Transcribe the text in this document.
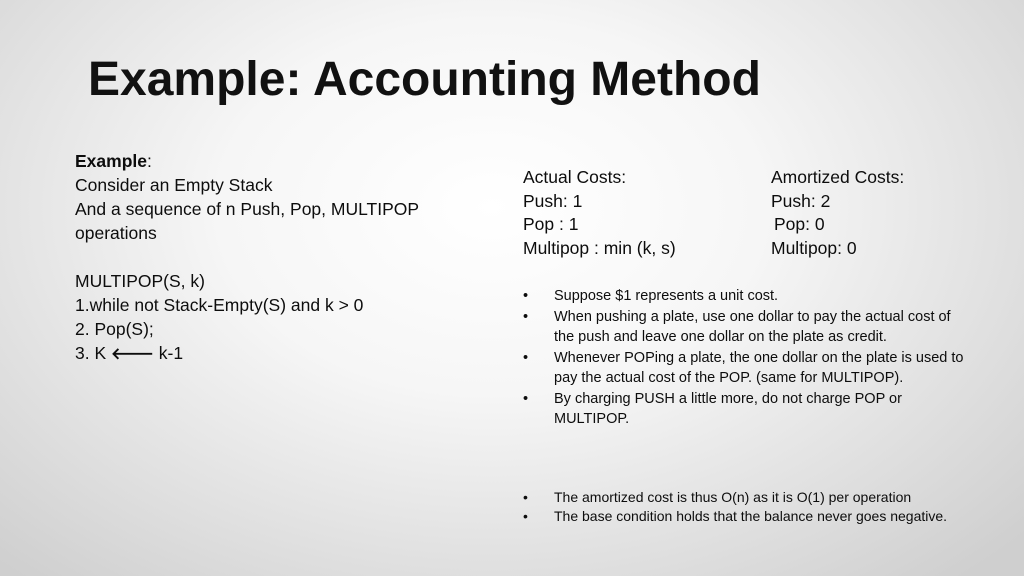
Example: Accounting Method
Example:
Consider an Empty Stack
And a sequence of n Push, Pop, MULTIPOP
operations
MULTIPOP(S, k)
1.while not Stack-Empty(S) and k > 0
2. Pop(S);
3. K 🡐 k-1
Actual Costs:	Amortized Costs:
Push: 1	Push: 2
Pop : 1	Pop: 0
Multipop : min (k, s)	Multipop: 0
• Suppose $1 represents a unit cost.
• When pushing a plate, use one dollar to pay the actual cost of the push and leave one dollar on the plate as credit.
• Whenever POPing a plate, the one dollar on the plate is used to pay the actual cost of the POP. (same for MULTIPOP).
• By charging PUSH a little more, do not charge POP or MULTIPOP.
• The amortized cost is thus O(n) as it is O(1) per operation
• The base condition holds that the balance never goes negative.
